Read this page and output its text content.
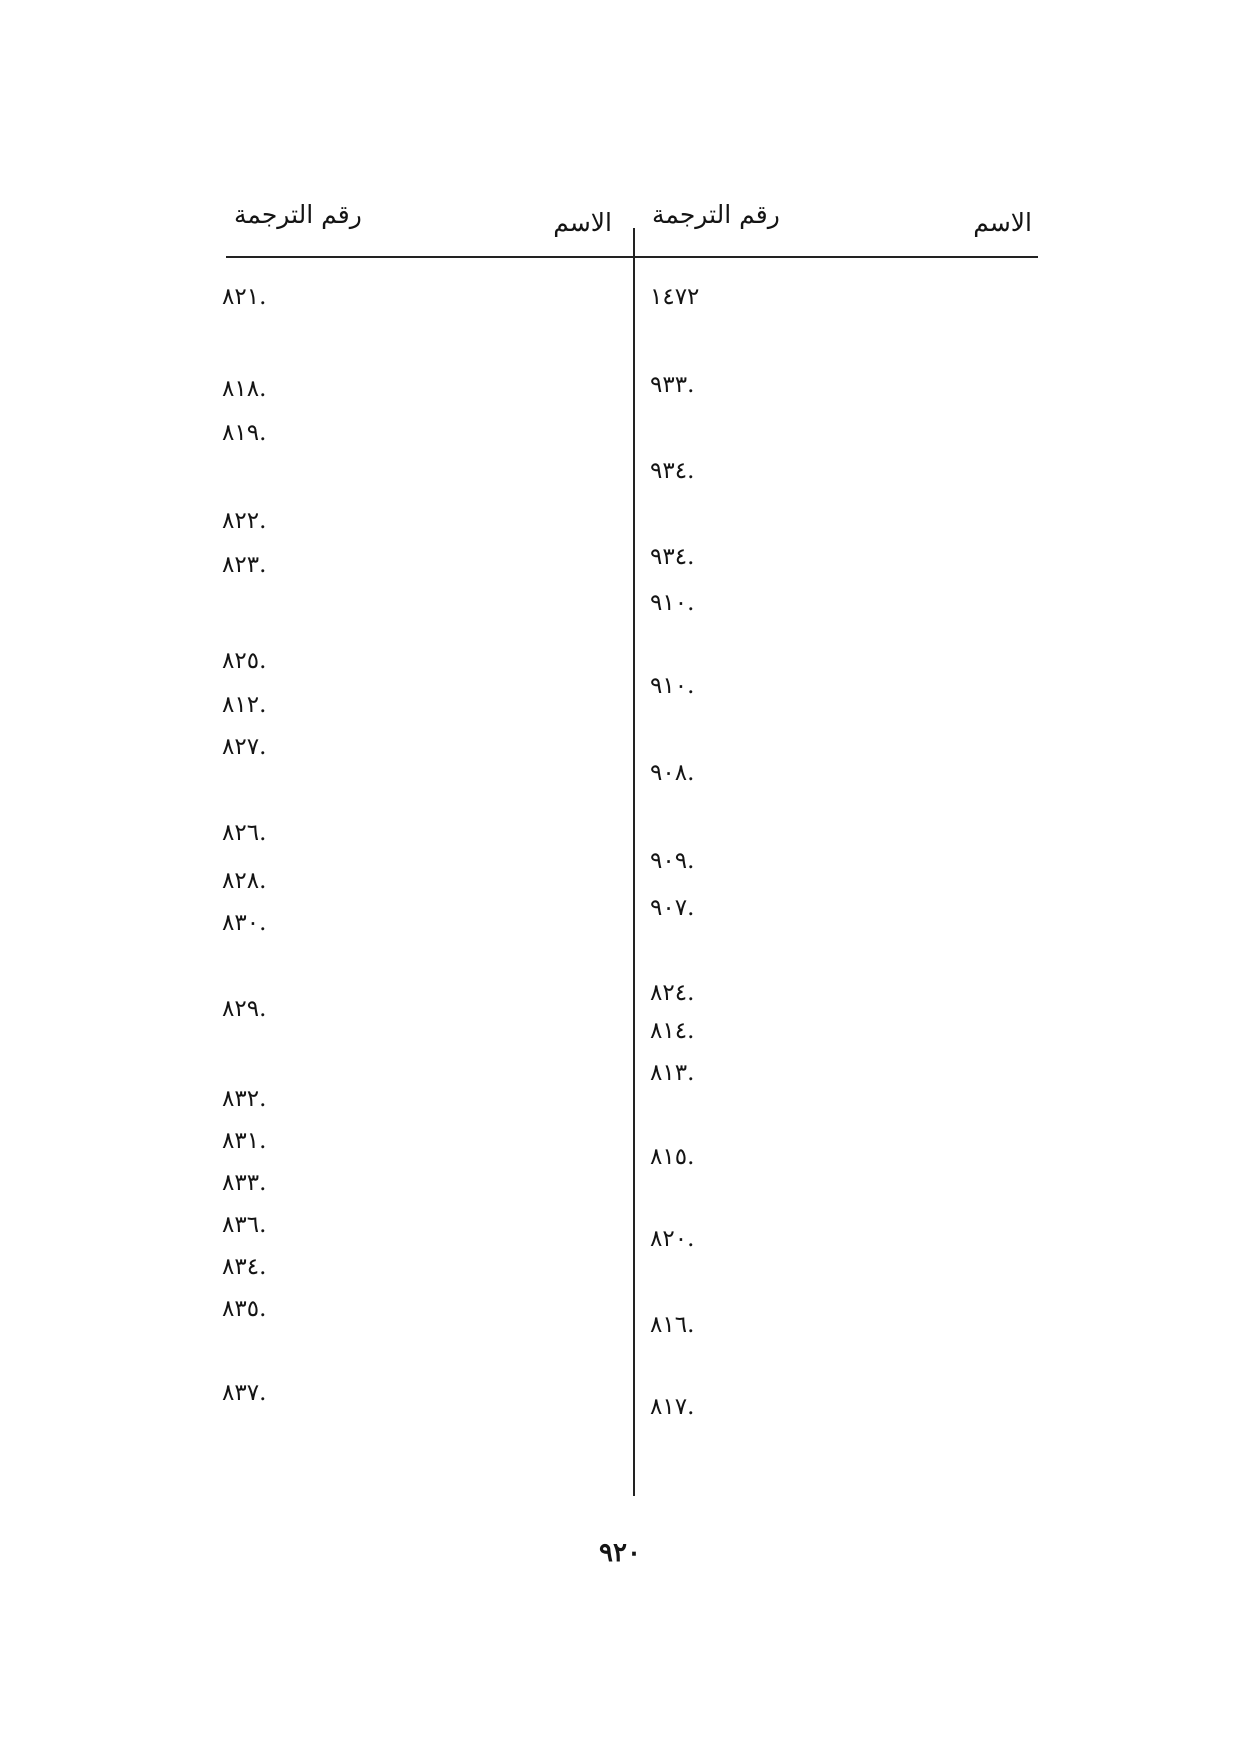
الاسم
رقم الترجمة
الاسم
رقم الترجمة
١٤٧٢
٩٣٣.
٩٣٤.
٩٣٤.
٩١٠.
٩١٠.
٩٠٨.
٩٠٩.
٩٠٧.
٨٢٤.
٨١٤.
٨١٣.
٨١٥.
٨٢٠.
٨١٦.
٨١٧.
٨٢١.
٨١٨.
٨١٩.
٨٢٢.
٨٢٣.
٨٢٥.
٨١٢.
٨٢٧.
٨٢٦.
٨٢٨.
٨٣٠.
٨٢٩.
٨٣٢.
٨٣١.
٨٣٣.
٨٣٦.
٨٣٤.
٨٣٥.
٨٣٧.
٩٢٠
